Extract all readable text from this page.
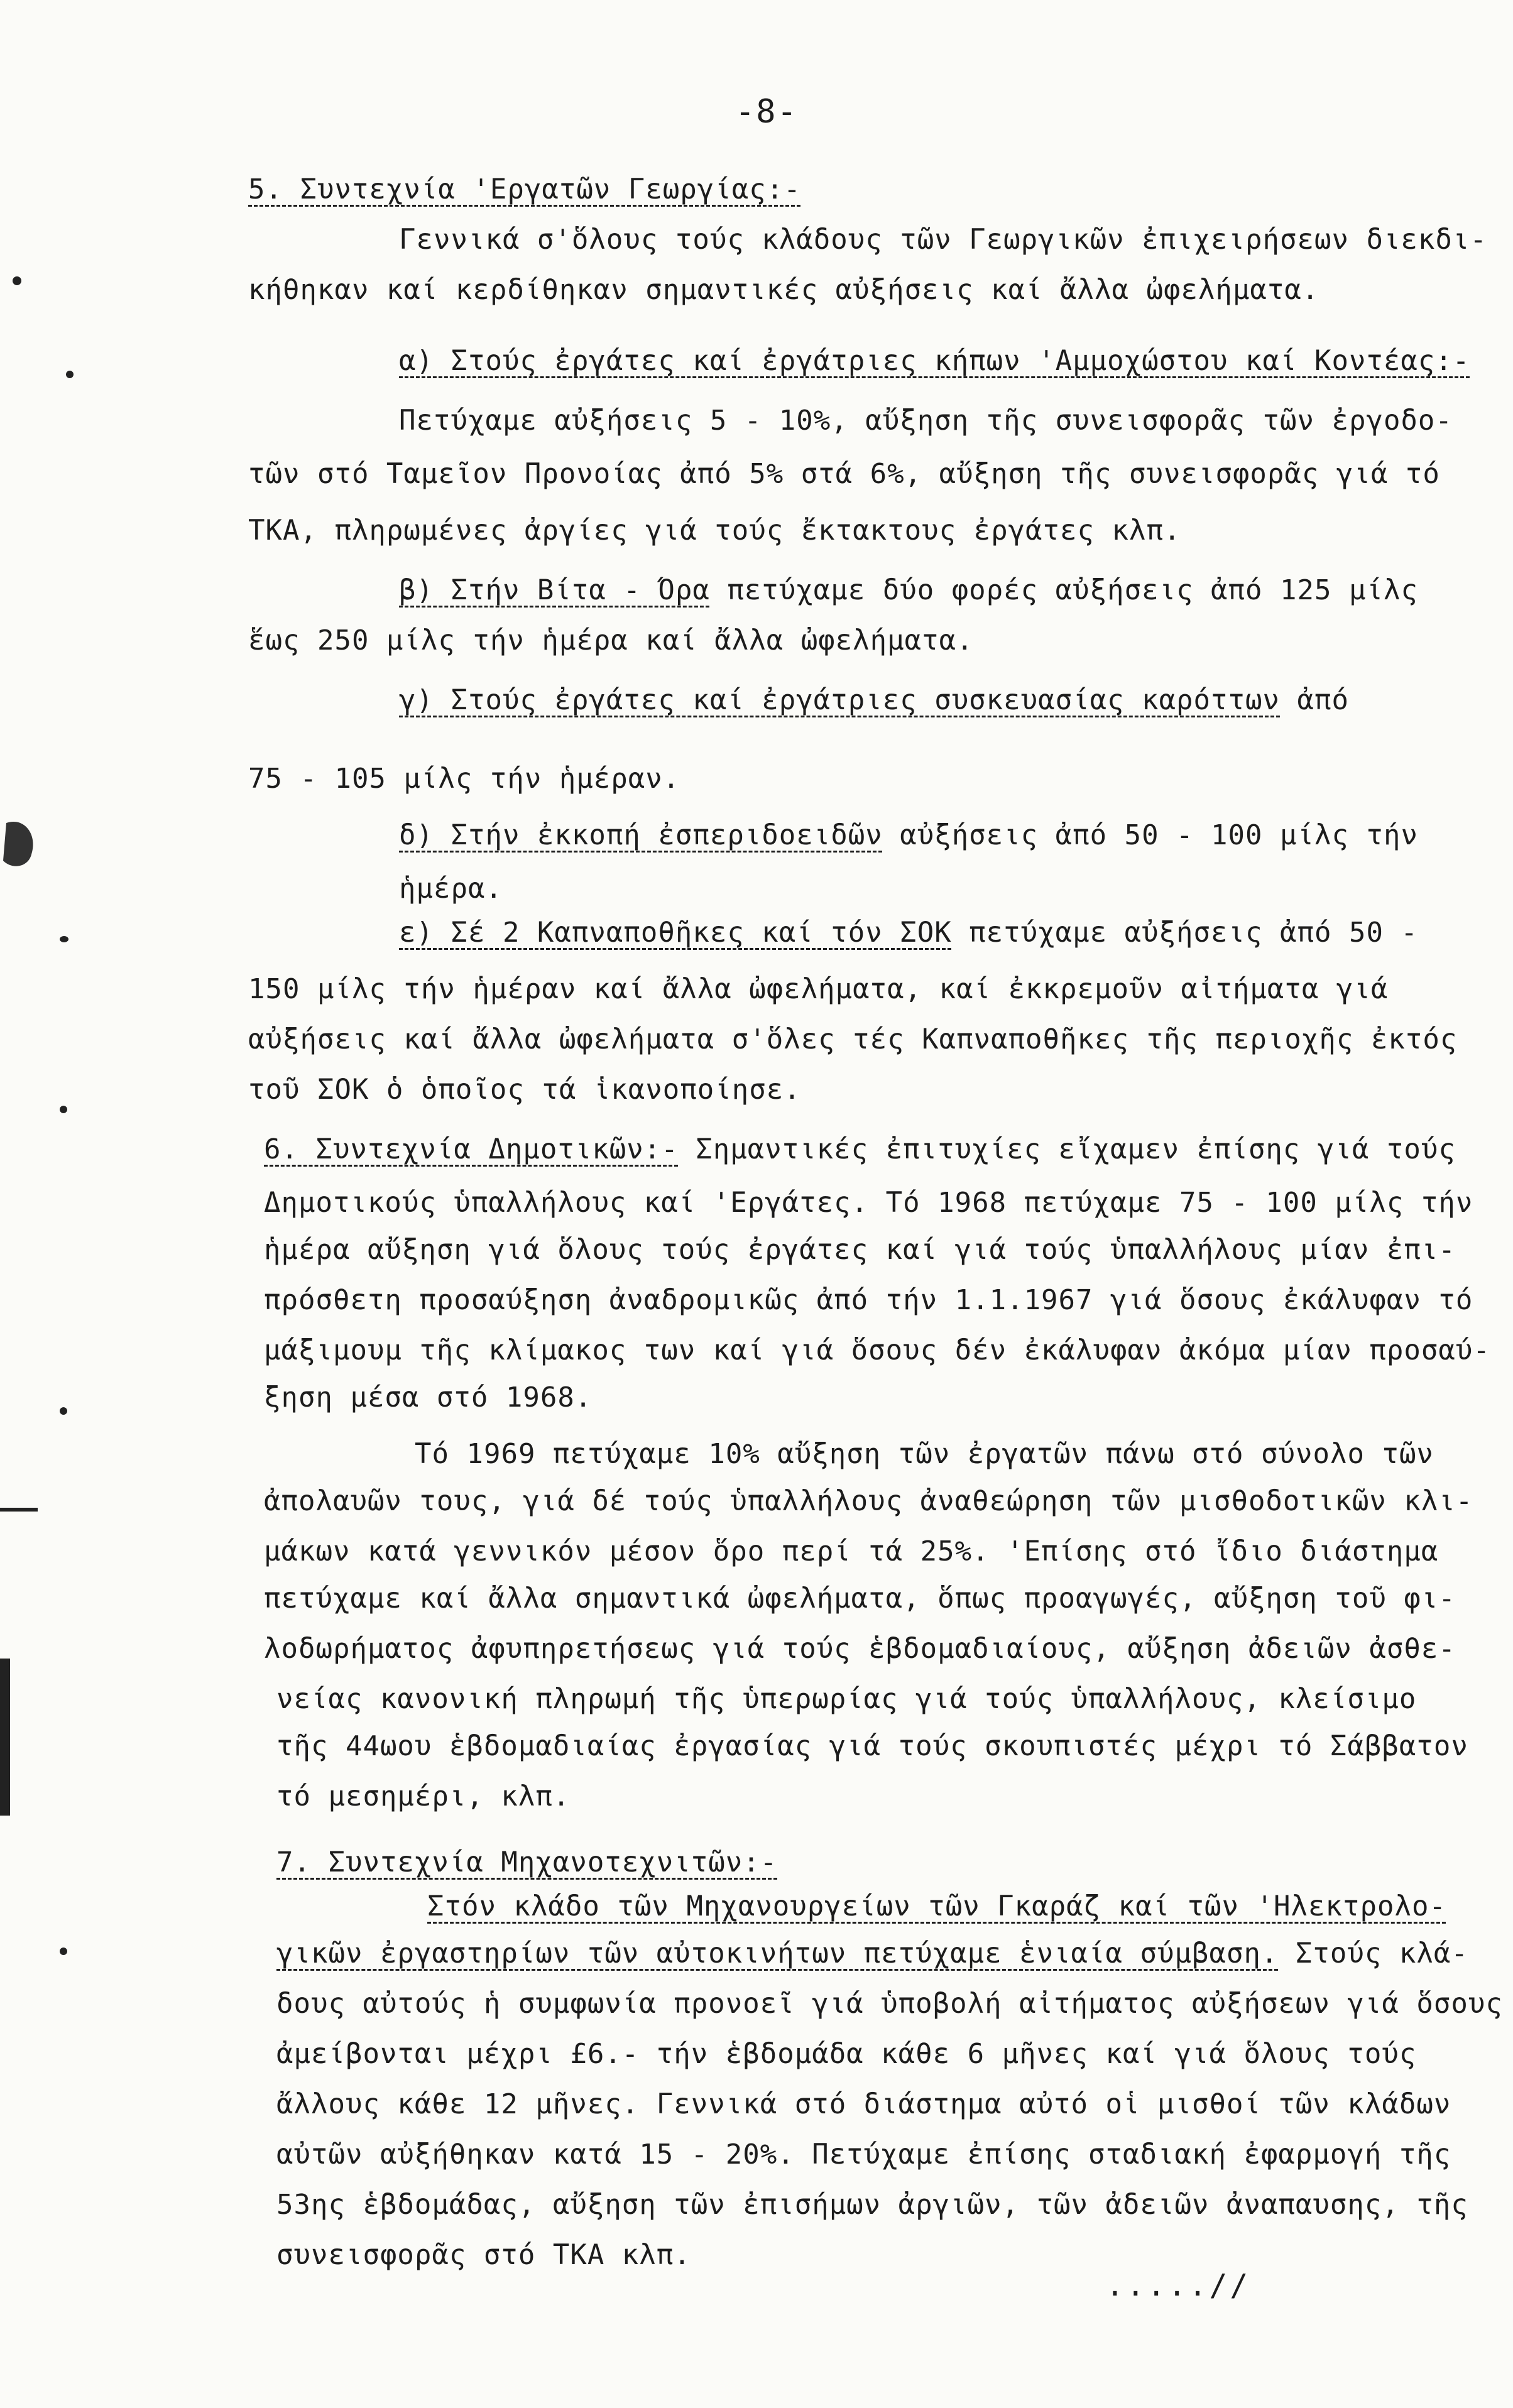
-8-
5. Συντεχνία 'Εργατῶν Γεωργίας:-
Γεννικά σ'ὅλους τούς κλάδους τῶν Γεωργικῶν ἐπιχειρήσεων διεκδι-
κήθηκαν καί κερδίθηκαν σημαντικές αὐξήσεις καί ἄλλα ὠφελήματα.
α) Στούς ἐργάτες καί ἐργάτριες κήπων 'Αμμοχώστου καί Κοντέας:-
Πετύχαμε αὐξήσεις 5 - 10%, αὔξηση τῆς συνεισφορᾶς τῶν ἐργοδο-
τῶν στό Ταμεῖον Προνοίας ἀπό 5% στά 6%, αὔξηση τῆς συνεισφορᾶς γιά τό
ΤΚΑ, πληρωμένες ἀργίες γιά τούς ἔκτακτους ἐργάτες κλπ.
β) Στήν Βίτα - Όρα πετύχαμε δύο φορές αὐξήσεις ἀπό 125 μίλς
ἕως 250 μίλς τήν ἡμέρα καί ἄλλα ὠφελήματα.
γ) Στούς ἐργάτες καί ἐργάτριες συσκευασίας καρόττων ἀπό
75 - 105 μίλς τήν ἡμέραν.
δ) Στήν ἐκκοπή ἐσπεριδοειδῶν αὐξήσεις ἀπό 50 - 100 μίλς τήν
ἡμέρα.
ε) Σέ 2 Καπναποθῆκες καί τόν ΣΟΚ πετύχαμε αὐξήσεις ἀπό 50 -
150 μίλς τήν ἡμέραν καί ἄλλα ὠφελήματα, καί ἐκκρεμοῦν αἰτήματα γιά
αὐξήσεις καί ἄλλα ὠφελήματα σ'ὅλες τές Καπναποθῆκες τῆς περιοχῆς ἐκτός
τοῦ ΣΟΚ ὁ ὁποῖος τά ἱκανοποίησε.
6. Συντεχνία Δημοτικῶν:- Σημαντικές ἐπιτυχίες εἴχαμεν ἐπίσης γιά τούς
Δημοτικούς ὑπαλλήλους καί 'Εργάτες. Τό 1968 πετύχαμε 75 - 100 μίλς τήν
ἡμέρα αὔξηση γιά ὅλους τούς ἐργάτες καί γιά τούς ὑπαλλήλους μίαν ἐπι-
πρόσθετη προσαύξηση ἀναδρομικῶς ἀπό τήν 1.1.1967 γιά ὅσους ἐκάλυφαν τό
μάξιμουμ τῆς κλίμακος των καί γιά ὅσους δέν ἐκάλυφαν ἀκόμα μίαν προσαύ-
ξηση μέσα στό 1968.
Τό 1969 πετύχαμε 10% αὔξηση τῶν ἐργατῶν πάνω στό σύνολο τῶν
ἀπολαυῶν τους, γιά δέ τούς ὑπαλλήλους ἀναθεώρηση τῶν μισθοδοτικῶν κλι-
μάκων κατά γεννικόν μέσον ὅρο περί τά 25%. 'Επίσης στό ἴδιο διάστημα
πετύχαμε καί ἄλλα σημαντικά ὠφελήματα, ὅπως προαγωγές, αὔξηση τοῦ φι-
λοδωρήματος ἀφυπηρετήσεως γιά τούς ἑβδομαδιαίους, αὔξηση ἀδειῶν ἀσθε-
νείας κανονική πληρωμή τῆς ὑπερωρίας γιά τούς ὑπαλλήλους, κλείσιμο
τῆς 44ωου ἑβδομαδιαίας ἐργασίας γιά τούς σκουπιστές μέχρι τό Σάββατον
τό μεσημέρι, κλπ.
7. Συντεχνία Μηχανοτεχνιτῶν:-
Στόν κλάδο τῶν Μηχανουργείων τῶν Γκαράζ καί τῶν 'Ηλεκτρολο-
γικῶν ἐργαστηρίων τῶν αὐτοκινήτων πετύχαμε ἑνιαία σύμβαση. Στούς κλά-
δους αὐτούς ἡ συμφωνία προνοεῖ γιά ὑποβολή αἰτήματος αὐξήσεων γιά ὅσους
ἀμείβονται μέχρι £6.- τήν ἑβδομάδα κάθε 6 μῆνες καί γιά ὅλους τούς
ἄλλους κάθε 12 μῆνες. Γεννικά στό διάστημα αὐτό οἱ μισθοί τῶν κλάδων
αὐτῶν αὐξήθηκαν κατά 15 - 20%. Πετύχαμε ἐπίσης σταδιακή ἐφαρμογή τῆς
53ης ἑβδομάδας, αὔξηση τῶν ἐπισήμων ἀργιῶν, τῶν ἀδειῶν ἀναπαυσης, τῆς
συνεισφορᾶς στό ΤΚΑ κλπ.
.....//
